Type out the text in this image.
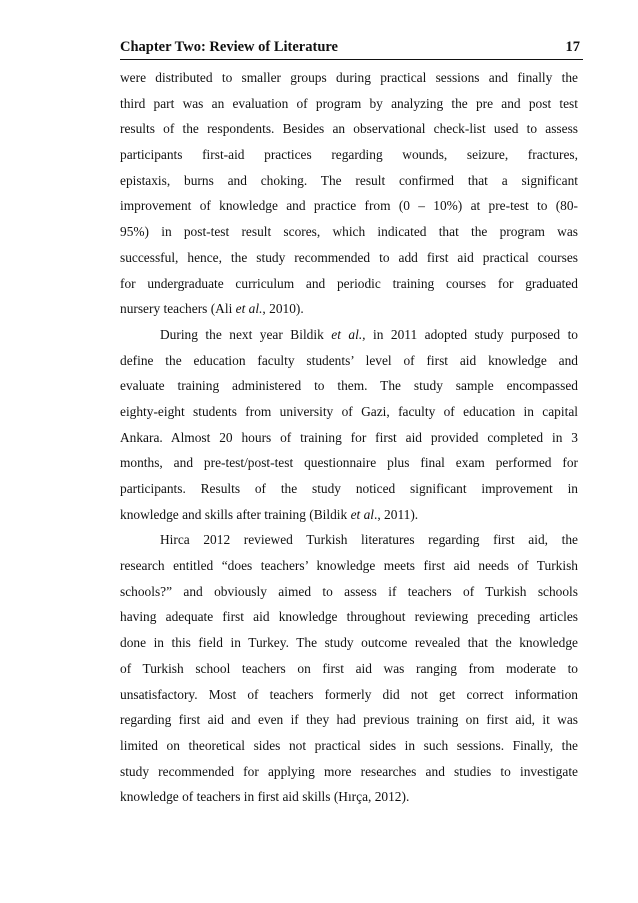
Chapter Two: Review of Literature	17

were distributed to smaller groups during practical sessions and finally the
third part was an evaluation of program by analyzing the pre and post test
results of the respondents. Besides an observational check-list used to assess
participants first-aid practices regarding wounds, seizure, fractures,
epistaxis, burns and choking. The result confirmed that a significant
improvement of knowledge and practice from (0 – 10%) at pre-test to (80-
95%) in post-test result scores, which indicated that the program was
successful, hence, the study recommended to add first aid practical courses
for undergraduate curriculum and periodic training courses for graduated
nursery teachers (Ali et al., 2010).

During the next year Bildik et al., in 2011 adopted study purposed to
define the education faculty students’ level of first aid knowledge and
evaluate training administered to them. The study sample encompassed
eighty-eight students from university of Gazi, faculty of education in capital
Ankara. Almost 20 hours of training for first aid provided completed in 3
months, and pre-test/post-test questionnaire plus final exam performed for
participants. Results of the study noticed significant improvement in
knowledge and skills after training (Bildik et al., 2011).

Hirca 2012 reviewed Turkish literatures regarding first aid, the
research entitled “does teachers’ knowledge meets first aid needs of Turkish
schools?” and obviously aimed to assess if teachers of Turkish schools
having adequate first aid knowledge throughout reviewing preceding articles
done in this field in Turkey. The study outcome revealed that the knowledge
of Turkish school teachers on first aid was ranging from moderate to
unsatisfactory. Most of teachers formerly did not get correct information
regarding first aid and even if they had previous training on first aid, it was
limited on theoretical sides not practical sides in such sessions. Finally, the
study recommended for applying more researches and studies to investigate
knowledge of teachers in first aid skills (Hırça, 2012).
